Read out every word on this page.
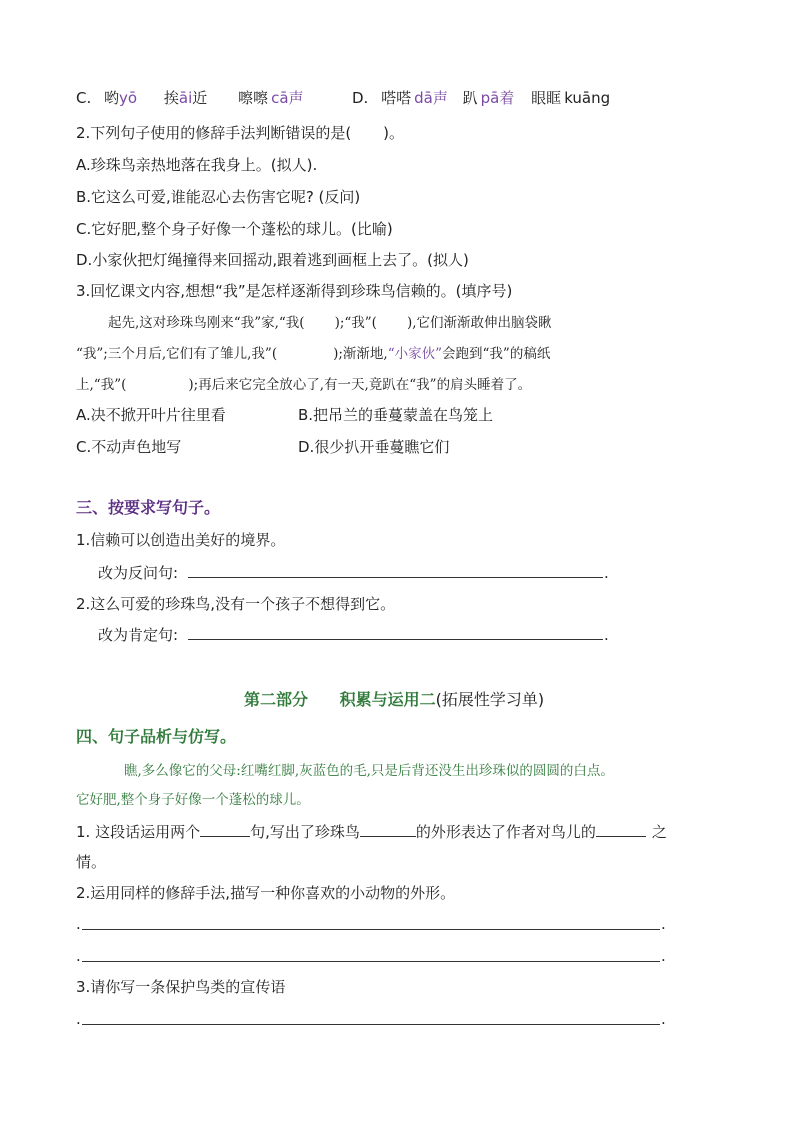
C. 哟yō 挨āi近 嚓嚓 cā声	D. 嗒嗒 dā声 趴 pā着 眼眶 kuāng
2.下列句子使用的修辞手法判断错误的是( )。
A.珍珠鸟亲热地落在我身上。(拟人).
B.它这么可爱,谁能忍心去伤害它呢? (反问)
C.它好肥,整个身子好像一个蓬松的球儿。(比喻)
D.小家伙把灯绳撞得来回摇动,跟着逃到画框上去了。(拟人)
3.回忆课文内容,想想“我”是怎样逐渐得到珍珠鸟信赖的。(填序号)
起先,这对珍珠鸟刚来“我”家,“我( );“我”( ),它们渐渐敢伸出脑袋瞅
“我”;三个月后,它们有了雏儿,我”(	);渐渐地,“小家伙”会跑到“我”的稿纸
上,“我”(	);再后来它完全放心了,有一天,竟趴在“我”的肩头睡着了。
A.决不掀开叶片往里看	B.把吊兰的垂蔓蒙盖在鸟笼上
C.不动声色地写	D.很少扒开垂蔓瞧它们
三、按要求写句子。
1.信赖可以创造出美好的境界。
改为反问句:	.
2.这么可爱的珍珠鸟,没有一个孩子不想得到它。
改为肯定句:	.
第二部分 积累与运用二(拓展性学习单)
四、句子品析与仿写。
瞧,多么像它的父母:红嘴红脚,灰蓝色的毛,只是后背还没生出珍珠似的圆圆的白点。
它好肥,整个身子好像一个蓬松的球儿。
1. 这段话运用两个	句,写出了珍珠鸟	的外形表达了作者对鸟儿的	之
情。
2.运用同样的修辞手法,描写一种你喜欢的小动物的外形。
.	.
.	.
3.请你写一条保护鸟类的宣传语
.	.
